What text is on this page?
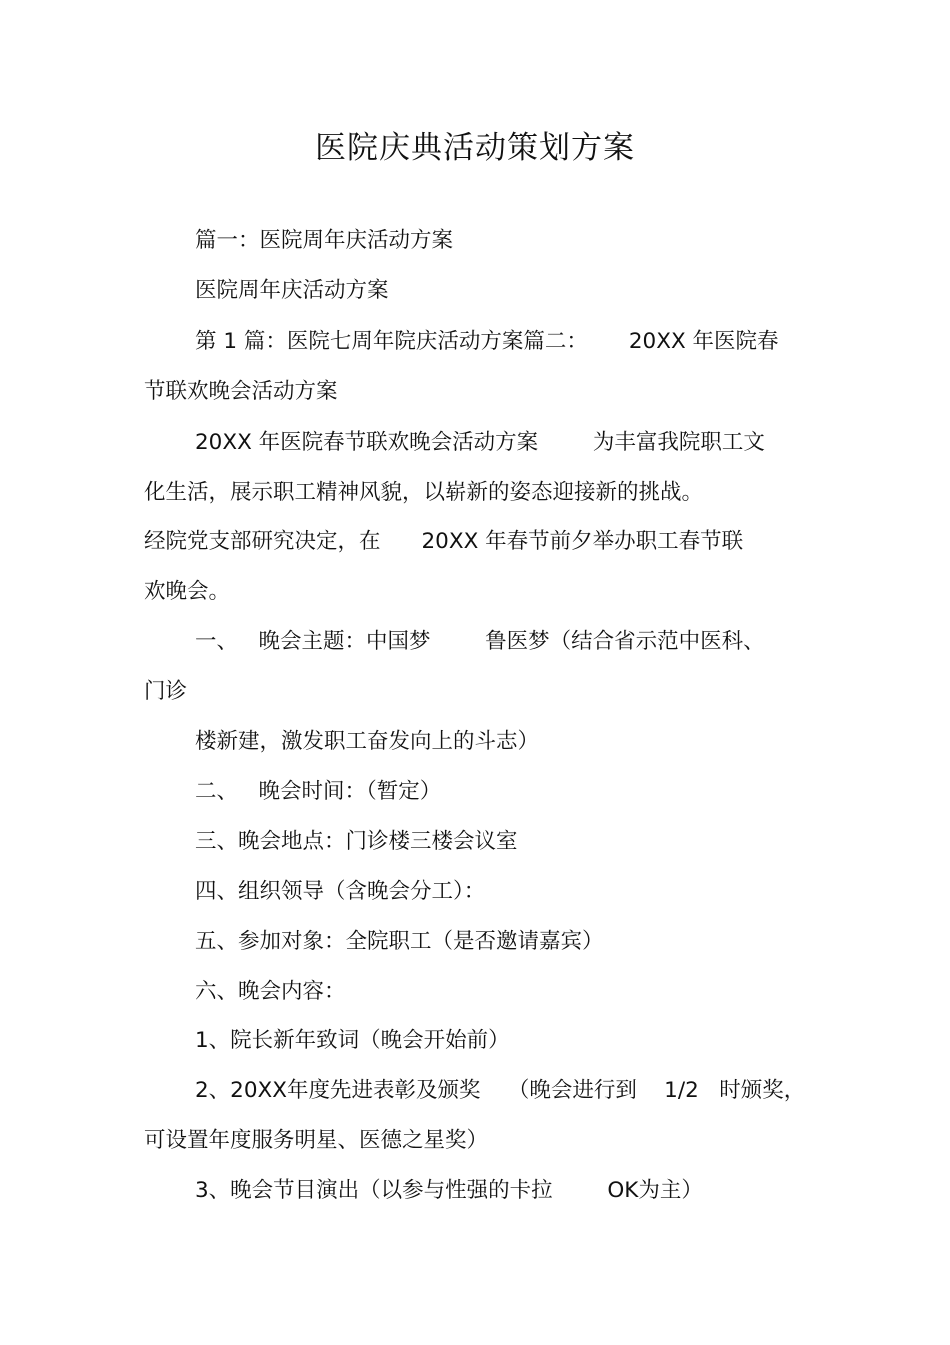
医院庆典活动策划方案
篇一：医院周年庆活动方案
医院周年庆活动方案
第 1 篇：医院七周年院庆活动方案篇二：      20XX 年医院春
节联欢晚会活动方案
20XX 年医院春节联欢晚会活动方案        为丰富我院职工文
化生活，展示职工精神风貌，以崭新的姿态迎接新的挑战。
经院党支部研究决定，在      20XX 年春节前夕举办职工春节联
欢晚会。
一、   晚会主题：中国梦        鲁医梦（结合省示范中医科、
门诊
楼新建，激发职工奋发向上的斗志）
二、   晚会时间：（暂定）
三、晚会地点：门诊楼三楼会议室
四、组织领导（含晚会分工）：
五、参加对象：全院职工（是否邀请嘉宾）
六、晚会内容：
1、院长新年致词（晚会开始前）
2、20XX年度先进表彰及颁奖    （晚会进行到    1/2   时颁奖，
可设置年度服务明星、医德之星奖）
3、晚会节目演出（以参与性强的卡拉        OK为主）
